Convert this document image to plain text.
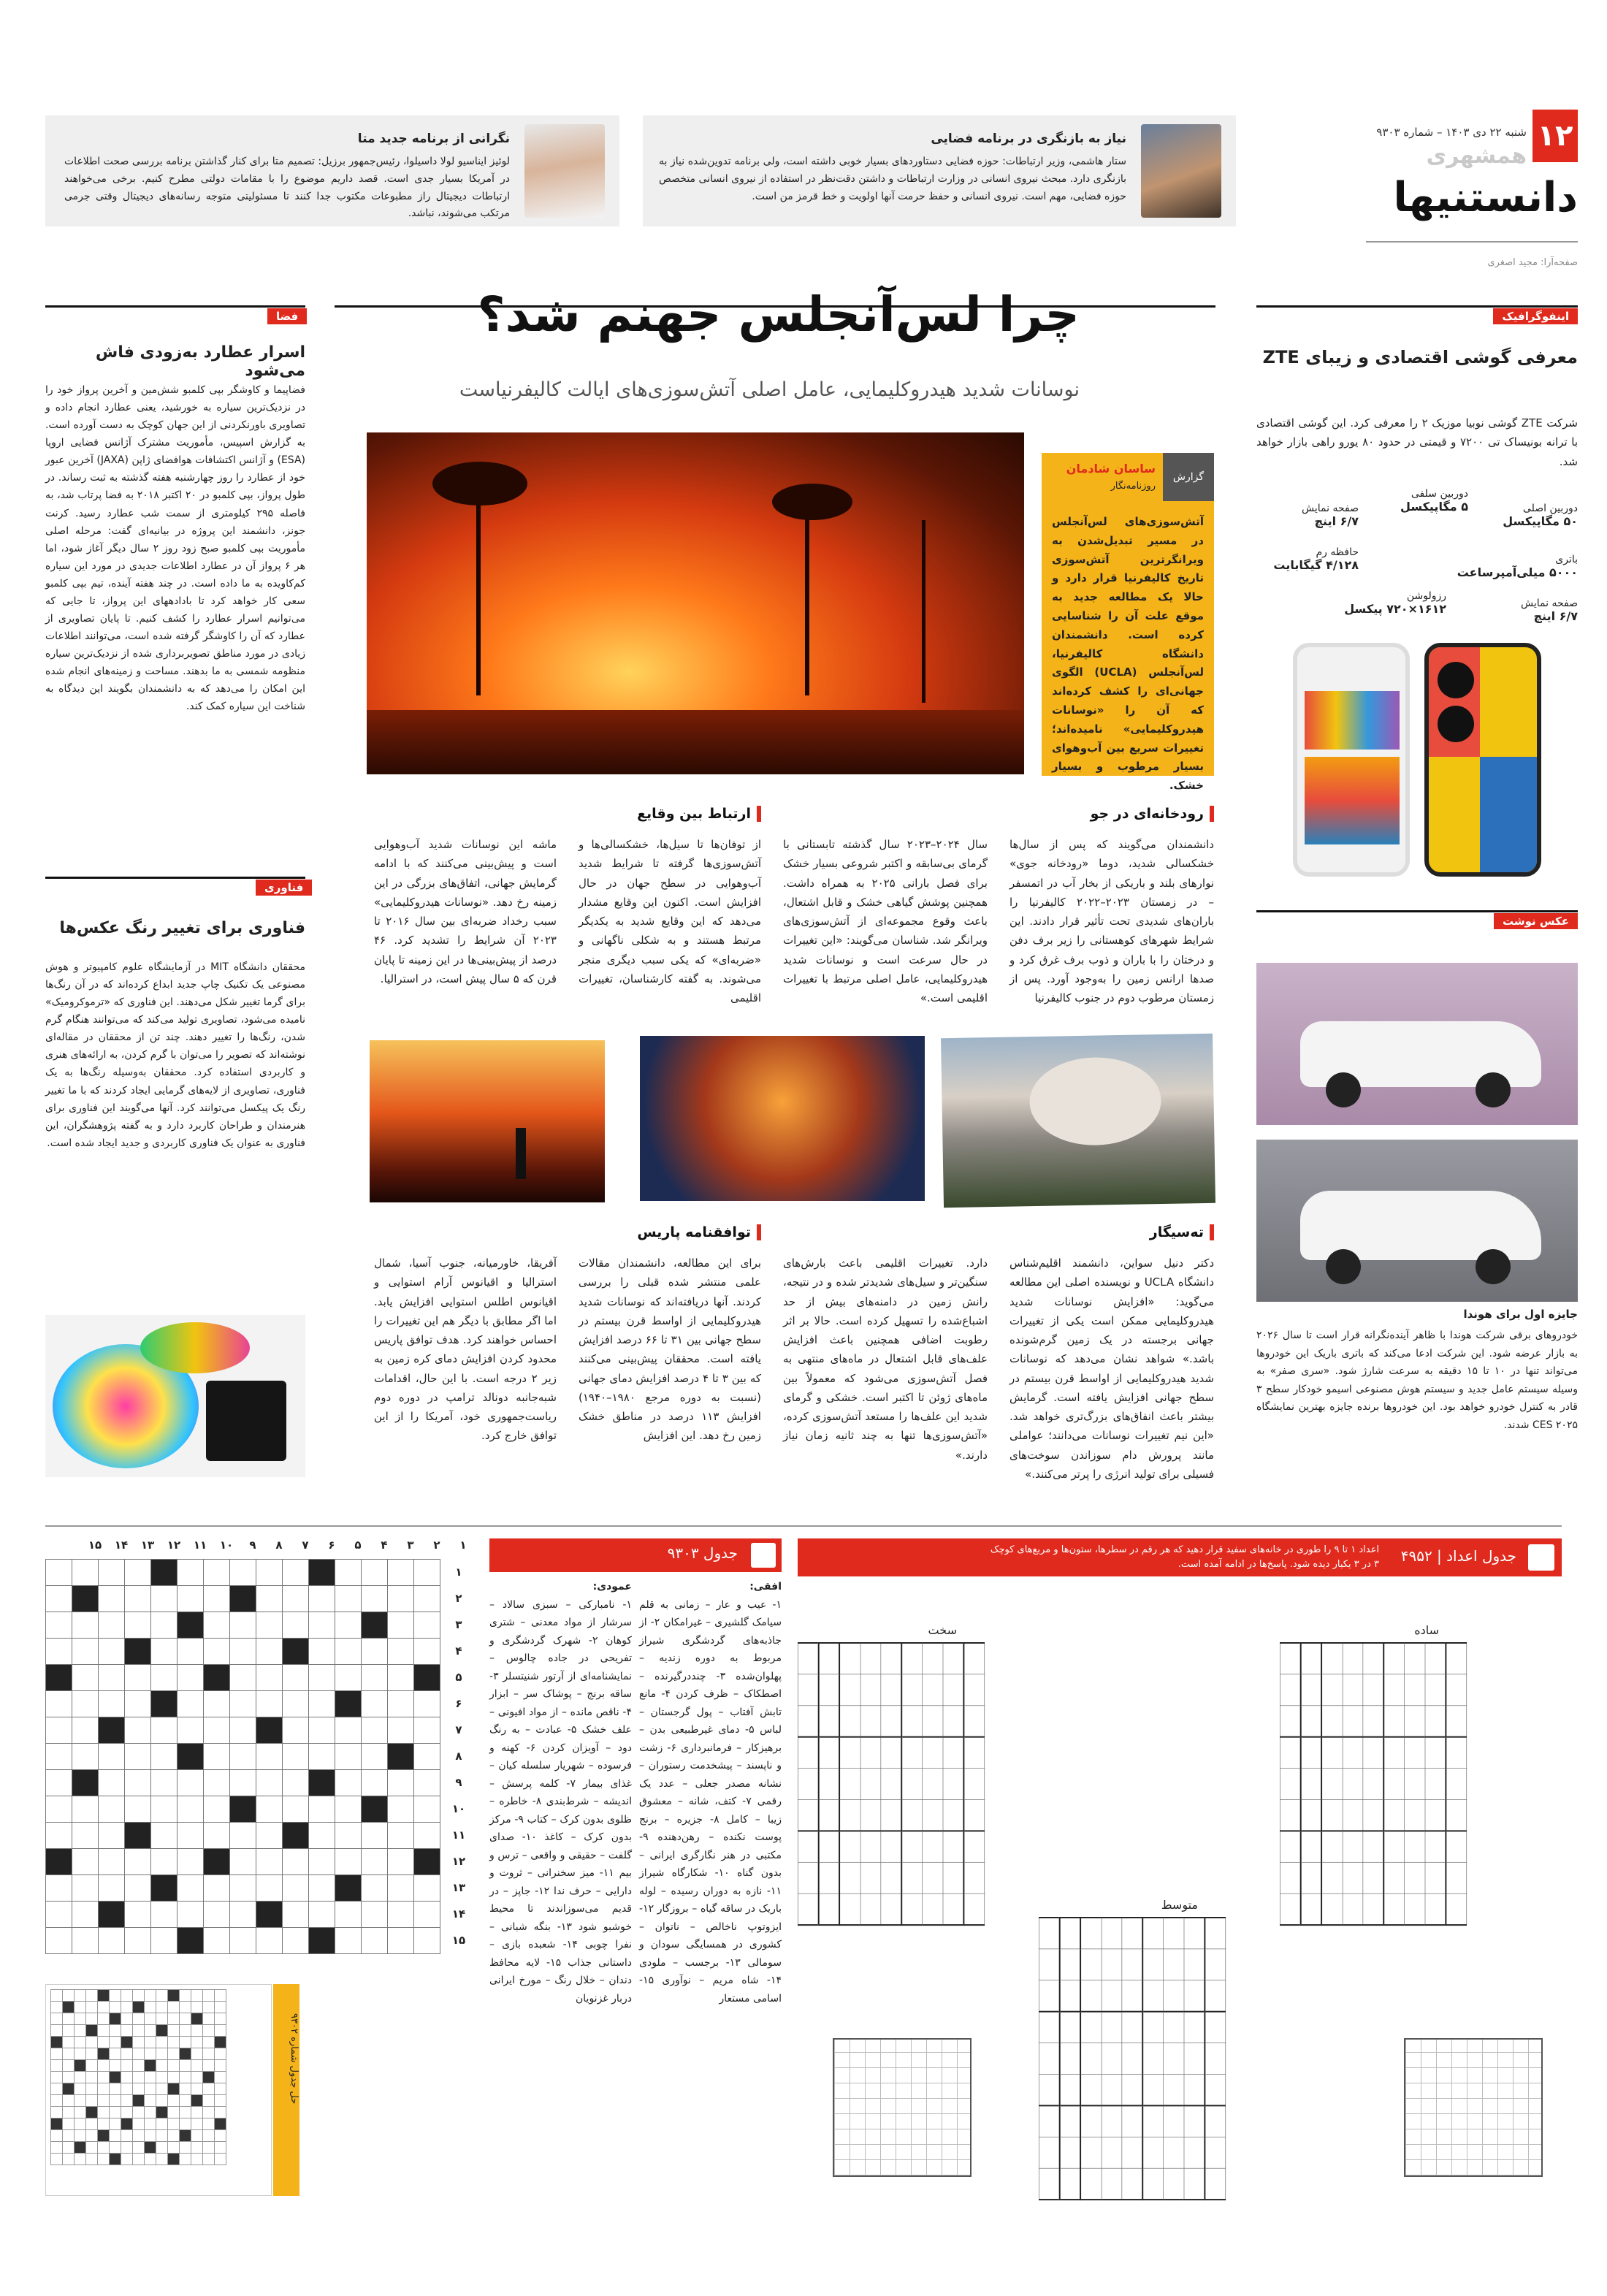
۱۲
شنبه ۲۲ دی ۱۴۰۳ – شماره ۹۳۰۳
همشهری
دانستنیها
صفحه‌آرا: مجید اصغری
نیاز به بازنگری در برنامه فضایی

ستار هاشمی، وزیر ارتباطات: حوزه فضایی دستاوردهای بسیار خوبی داشته است، ولی برنامه تدوین‌شده نیاز به بازنگری دارد. مبحث نیروی انسانی در وزارت ارتباطات و داشتن دقت‌نظر در استفاده از نیروی انسانی متخصص حوزه فضایی، مهم است. نیروی انسانی و حفظ حرمت آنها اولویت و خط قرمز من است.

نگرانی از برنامه جدید متا

لوئیز ایناسیو لولا داسیلوا، رئیس‌جمهور برزیل: تصمیم متا برای کنار گذاشتن برنامه بررسی صحت اطلاعات در آمریکا بسیار جدی است. قصد داریم موضوع را با مقامات دولتی مطرح کنیم. برخی می‌خواهند ارتباطات دیجیتال راز مطبوعات مکتوب جدا کنند تا مسئولیتی متوجه رسانه‌های دیجیتال وقتی جرمی مرتکب می‌شوند، نباشد.

اینفوگرافیک
معرفی گوشی اقتصادی و زیبای ZTE

شرکت ZTE گوشی نوبیا موزیک ۲ را معرفی کرد. این گوشی اقتصادی با ترانه بونیسا‌ک تی ۷۲۰۰ و قیمتی در حدود ۸۰ یورو راهی بازار خواهد شد.

دوربین اصلی
۵۰ مگاپیکسل
دوربین سلفی
۵ مگاپیکسل
صفحه نمایش
۶/۷ اینچ
باتری
۵۰۰۰ میلی‌آمپرساعت
حافظه رم
۴/۱۲۸ گیگابایت
صفحه نمایش
۶/۷ اینچ
رزولوشن
۱۶۱۲×۷۲۰ پیکسل
عکس نوشت
جایزه اول برای هوندا

خودروهای برقی شرکت هوندا با ظاهر آینده‌نگرانه قرار است تا سال ۲۰۲۶ به بازار عرضه شود. این شرکت ادعا می‌کند که باتری باریک این خودروها می‌تواند تنها در ۱۰ تا ۱۵ دقیقه به سرعت شارژ شود. «سری صفر» به وسیله سیستم عامل جدید و سیستم هوش مصنوعی اسیمو خودکار سطح ۳ قادر به کنترل خودرو خواهد بود. این خودروها برنده جایزه بهترین نمایشگاه CES ۲۰۲۵ شدند.

چرا لس‌آنجلس جهنم شد؟
نوسانات شدید هیدروکلیمایی، عامل اصلی آتش‌سوزی‌های ایالت کالیفرنیاست
گزارش
ساسان شادمان
روزنامه‌نگار

آتش‌سوزی‌های لس‌آنجلس در مسیر تبدیل‌شدن به ویرانگرترین آتش‌سوزی تاریخ کالیفرنیا قرار دارد و حالا یک مطالعه جدید به موقع علت آن را شناسایی کرده است. دانشمندان دانشگاه کالیفرنیا، لس‌آنجلس (UCLA) الگوی جهانی‌ای را کشف کرده‌اند که آن را «نوسانات هیدروکلیمایی» نامیده‌اند؛ تغییرات سریع بین آب‌وهوای بسیار مرطوب و بسیار خشک.

رودخانه‌ای در جو

دانشمندان می‌گویند که پس از سال‌ها خشکسالی شدید، دوما «رودخانه جوی» نوارهای بلند و باریکی از بخار آب در اتمسفر – در زمستان ۲۰۲۳–۲۰۲۲ کالیفرنیا را باران‌های شدیدی تحت تأثیر قرار دادند. این شرایط شهرهای کوهستانی را زیر برف دفن و درختان را با باران و ذوب برف غرق کرد و صدها ارانس زمین را به‌وجود آورد. پس از زمستان مرطوب دوم در جنوب کالیفرنیا

سال ۲۰۲۴–۲۰۲۳ سال گذشته تابستانی با گرمای بی‌سابقه و اکتبر شروعی بسیار خشک برای فصل بارانی ۲۰۲۵ به همراه داشت. همچنین پوشش گیاهی خشک و قابل اشتعال، باعث وقوع مجموعه‌ای از آتش‌سوزی‌های ویرانگر شد. شناسان می‌گویند: «این تغییرات در حال سرعت است و نوسانات شدید هیدروکلیمایی، عامل اصلی مرتبط با تغییرات اقلیمی است.»

ارتباط بین وقایع

از توفان‌ها تا سیل‌ها، خشکسالی‌ها و آتش‌سوزی‌ها گرفته تا شرایط شدید آب‌وهوایی در سطح جهان در حال افزایش است. اکنون این وقایع مشدار می‌دهد که این وقایع شدید به یکدیگر مرتبط هستند و به شکلی ناگهانی و «ضربه‌ای» که یکی سبب دیگری منجر می‌شوند. به گفته کارشناسان، تغییرات اقلیمی

ماشه این نوسانات شدید آب‌وهوایی است و پیش‌بینی می‌کنند که با ادامه گرمایش جهانی، اتفاق‌های بزرگی در این زمینه رخ دهد. «نوسانات هیدروکلیمایی» سبب رخداد ضربه‌ای بین سال ۲۰۱۶ تا ۲۰۲۳ آن شرایط را تشدید کرد. ۴۶ درصد از پیش‌بینی‌ها در این زمینه تا پایان قرن که ۵ سال پیش است، در استرالیا.

ته‌سیگار

دکتر دنیل سواین، دانشمند اقلیم‌شناس دانشگاه UCLA و نویسنده اصلی این مطالعه می‌گوید: «افزایش نوسانات شدید هیدروکلیمایی ممکن است یکی از تغییرات جهانی برجسته در یک زمین گرم‌شونده باشد.» شواهد نشان می‌دهد که نوسانات شدید هیدروکلیمایی از اواسط قرن بیستم در سطح جهانی افزایش یافته است. گرمایش بیشتر باعث انفاق‌های بزرگ‌تری خواهد شد. «این نیم تغییرات نوسانات می‌دانند؛ عواملی مانند پرورش دام سوزاندن سوخت‌های فسیلی برای تولید انرژی را پرتر می‌کنند.»

دارد. تغییرات اقلیمی باعث بارش‌های سنگین‌تر و سیل‌های شدیدتر شده و در نتیجه، رانش زمین در دامنه‌های بیش از حد اشباع‌شده را تسهیل کرده است. حالا بر اثر رطوبت اضافی همچنین باعث افزایش علف‌های قابل اشتعال در ماه‌های منتهی به فصل آتش‌سوزی می‌شود که معمولاً بین ماه‌های ژوئن تا اکتبر است. خشکی و گرمای شدید این علف‌ها را مستعد آتش‌سوزی کرده، «آتش‌سوزی‌ها تنها به چند ثانیه زمان نیاز دارند.»

توافقنامه پاریس

برای این مطالعه، دانشمندان مقالات علمی منتشر شده قبلی را بررسی کردند. آنها دریافته‌اند که نوسانات شدید هیدروکلیمایی از اواسط قرن بیستم در سطح جهانی بین ۳۱ تا ۶۶ درصد افزایش یافته است. محققان پیش‌بینی می‌کنند که بین ۳ تا ۴ درصد افزایش دمای جهانی (نسبت به دوره مرجع ۱۹۸۰–۱۹۴۰) افزایش ۱۱۳ درصد در مناطق خشک زمین رخ دهد. این افزایش

آفریقا، خاورمیانه، جنوب آسیا، شمال استرالیا و اقیانوس آرام استوایی و اقیانوس اطلس استوایی افزایش یابد. اما اگر مطابق با دیگر هم این تغییرات را احساس خواهند کرد. هدف توافق پاریس محدود کردن افزایش دمای کره زمین به زیر ۲ درجه است. با این حال، اقدامات شبه‌جانبه دونالد ترامپ در دوره دوم ریاست‌جمهوری خود، آمریکا را از این توافق خارج کرد.

فضا
اسرار عطارد به‌زودی فاش می‌شود

فضاپیما و کاوشگر بپی کلمبو شش‌مین و آخرین پرواز خود را در نزدیک‌ترین سیاره به خورشید، یعنی عطارد انجام داده و تصاویری باورنکردنی از این جهان کوچک به دست آورده است. به گزارش اسپیس، مأموریت مشترک آژانس فضایی اروپا (ESA) و آژانس اکتشافات هوافضای ژاپن (JAXA) آخرین عبور خود از عطارد را روز چهارشنبه هفته گذشته به ثبت رساند. در طول پرواز، بپی کلمبو در ۲۰ اکتبر ۲۰۱۸ به فضا پرتاب شد، به فاصله ۲۹۵ کیلومتری از سمت شب عطارد رسید. کرنت جونز، دانشمند این پروژه در بیانیه‌ای گفت: مرحله اصلی مأموریت بپی کلمبو صبح زود روز ۲ سال دیگر آغاز شود، اما هر ۶ پرواز آن در عطارد اطلاعات جدیدی در مورد این سیاره کم‌کاویده به ما داده است. در چند هفته آینده، تیم بپی کلمبو سعی کار خواهد کرد تا بادادههای این پرواز، تا جایی که می‌توانیم اسرار عطارد را کشف کنیم. تا پایان تصاویری از عطارد که آن را کاوشگر گرفته شده است، می‌توانند اطلاعات زیادی در مورد مناطق تصویربرداری شده از نزدیک‌ترین سیاره منظومه شمسی به ما بدهند. مساحت و زمینه‌های انجام شده این امکان را می‌دهد که به دانشمندان بگویند این دیدگاه به شناخت این سیاره کمک کند.

فناوری
فناوری برای تغییر رنگ عکس‌ها

محققان دانشگاه MIT در آزمایشگاه علوم کامپیوتر و هوش مصنوعی یک تکنیک چاپ جدید ابداع کرده‌اند که در آن رنگ‌ها برای گرما تغییر شکل می‌دهند. این فناوری که «ترموکرومیک» نامیده می‌شود، تصاویری تولید می‌کند که می‌توانند هنگام گرم شدن، رنگ‌ها را تغییر دهند. چند تن از محققان در مقاله‌ای نوشته‌اند که تصویر را می‌توان با گرم کردن، به ارائه‌های هنری و کاربردی استفاده کرد. محققان به‌وسیله رنگ‌ها به یک فناوری، تصاویری از لایه‌های گرمایی ایجاد کردند که با ما تغییر رنگ یک پیکسل می‌توانند کرد. آنها می‌گویند این فناوری برای هنرمندان و طراحان کاربرد دارد و به گفته پژوهشگران، این فناوری به عنوان یک فناوری کاربردی و جدید ایجاد شده است.

۱
۲
۳
۴
۵
۶
۷
۸
۹
۱۰
۱۱
۱۲
۱۳
۱۴
۱۵
۱
۲
۳
۴
۵
۶
۷
۸
۹
۱۰
۱۱
۱۲
۱۳
۱۴
۱۵

جدول ۹۳۰۳
عمودی:

۱- نامبارکی – سبزی سالاد – سرشار از مواد معدنی – شتری کوهان ۲- شهرک گردشگری و تفریحی در جاده چالوس – نمایشنامه‌ای از آرتور شنیتسلر ۳- ساقه برنج – پوشاک سر – ابزار ۴- ناقص مانده – از مواد افیونی – علف خشک ۵- عبادت – به رنگ دود – آویزان کردن ۶- کهنه و فرسوده – شهریار سلسله کیان – غذای بیمار ۷- کلمه پرسش – اندیشه – شرط‌بندی ۸- خاطره – ظلوی بدون کرک – کتاب ۹- مرکز بدون کرک – کاغذ ۱۰- صدای گلفت – حقیقی و واقعی – ترس و بیم ۱۱- میز سخنرانی – ثروت و دارایی – حرف ندا ۱۲- جاپز – در قدیم می‌سوزاندند تا محیط خوشبو شود ۱۳- بنگه شبانی – نفرا چوبی ۱۴- شعبده بازی – داستانی جذاب ۱۵- لایه محافظ دندان – خلال رنگ – مورخ ایرانی دربار غزنویان

افقی:

۱- عیب و عار – زمانی به قلم سیامک گلشیری – غیرامکان ۲- از جاذبه‌های گردشگری شیراز مربوط به دوره زندیه – پهلوان‌شده ۳- چنددرگیرنده – اصطکاک – ظرف کردن ۴- مانع تابش آفتاب – پول گرجستان – لباس ۵- دمای غیرطبیعی بدن – برهیزکار – فرمانبرداری ۶- زشت و ناپسند – پیشخدمت رستوران – نشانه مصدر جعلی – عدد یک رقمی ۷- کتف، شانه – معشوق زیبا – کامل ۸- جزیره – برنج پوست نکنده – رهن‌دهنده ۹- مکتبی در هنر نگارگری ایرانی – بدون گناه ۱۰- شکارگاه شیراز ۱۱- نازه به دوران رسیده – لوله باریک در ساقه گیاه – بروزگار ۱۲- ایزوتوپ ناخالص – ناتوان – کشوری در همسایگی سودان و سومالی ۱۳- برجسب – ملودی ۱۴- شاه مریم – نوآوری ۱۵- اسامی مستعار

حل جدول شماره ۹۳۰۲
جدول اعداد | ۴۹۵۲
اعداد ۱ تا ۹ را طوری در خانه‌های سفید قرار دهید که هر رقم در سطرها، ستون‌ها و مربع‌های کوچک ۳ در ۳ یکبار دیده شود. پاسخ‌ها در ادامه آمده است.
ساده

سخت

متوسط
